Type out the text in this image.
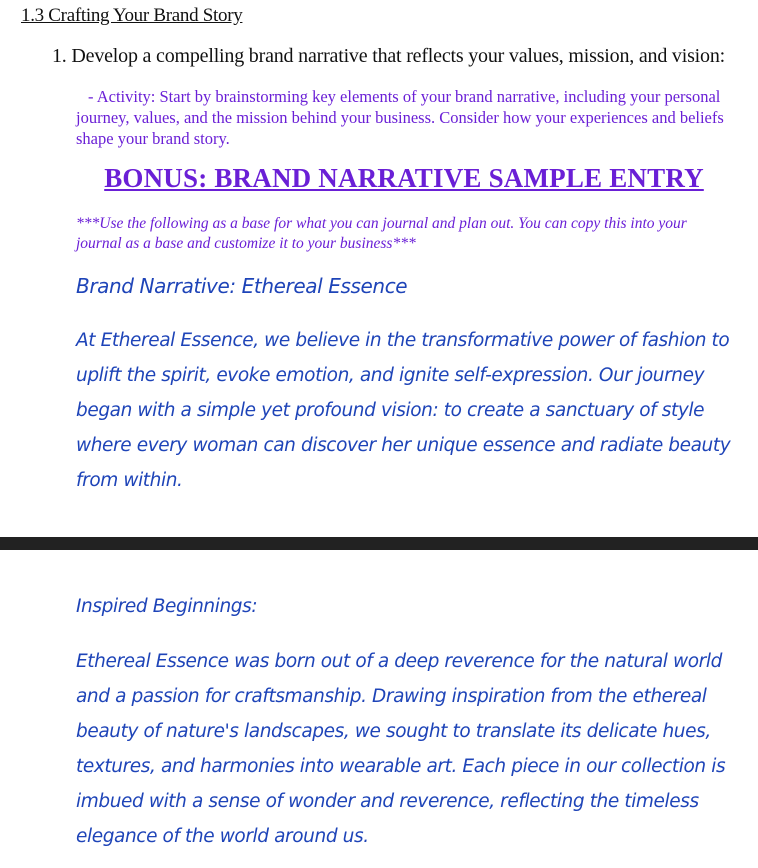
1.3 Crafting Your Brand Story
1. Develop a compelling brand narrative that reflects your values, mission, and vision:
- Activity: Start by brainstorming key elements of your brand narrative, including your personal journey, values, and the mission behind your business. Consider how your experiences and beliefs shape your brand story.
BONUS: BRAND NARRATIVE SAMPLE ENTRY
***Use the following as a base for what you can journal and plan out. You can copy this into your journal as a base and customize it to your business***
Brand Narrative: Ethereal Essence
At Ethereal Essence, we believe in the transformative power of fashion to uplift the spirit, evoke emotion, and ignite self-expression. Our journey began with a simple yet profound vision: to create a sanctuary of style where every woman can discover her unique essence and radiate beauty from within.
Inspired Beginnings:
Ethereal Essence was born out of a deep reverence for the natural world and a passion for craftsmanship. Drawing inspiration from the ethereal beauty of nature's landscapes, we sought to translate its delicate hues, textures, and harmonies into wearable art. Each piece in our collection is imbued with a sense of wonder and reverence, reflecting the timeless elegance of the world around us.
